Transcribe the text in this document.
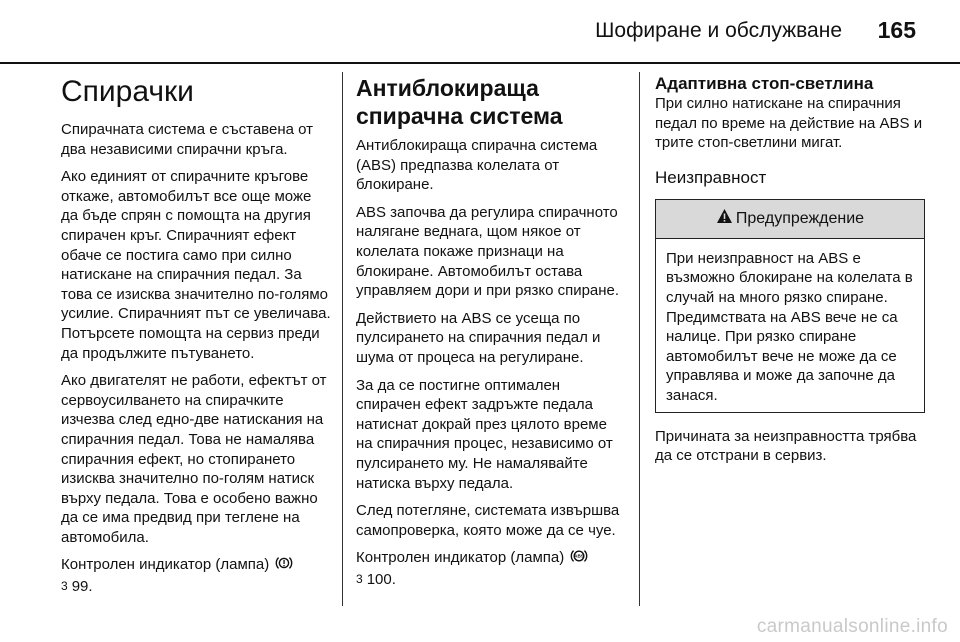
Шофиране и обслужване 165
Спирачки

Спирачната система е съставена от два независими спирачни кръга.

Ако единият от спирачните кръгове откаже, автомобилът все още може да бъде спрян с помощта на другия спирачен кръг. Спирачният ефект обаче се постига само при силно натискане на спирачния педал. За това се изисква значително по-голямо усилие. Спирачният път се увеличава. Потърсете помощта на сервиз преди да продължите пътуването.

Ако двигателят не работи, ефектът от сервоусилването на спирачките изчезва след едно-две натискания на спирачния педал. Това не намалява спирачния ефект, но стопирането изисква значително по-голям натиск върху педала. Това е особено важно да се има предвид при теглене на автомобила.

Контролен индикатор (лампа)
3 99.

Антиблокираща спирачна система

Антиблокираща спирачна система (ABS) предпазва колелата от блокиране.

ABS започва да регулира спирачното налягане веднага, щом някое от колелата покаже признаци на блокиране. Автомобилът остава управляем дори и при рязко спиране.

Действието на ABS се усеща по пулсирането на спирачния педал и шума от процеса на регулиране.

За да се постигне оптимален спирачен ефект задръжте педала натиснат докрай през цялото време на спирачния процес, независимо от пулсирането му. Не намалявайте натиска върху педала.

След потегляне, системата извършва самопроверка, която може да се чуе.

Контролен индикатор (лампа) ABS

3 100.

Адаптивна стоп-светлина

При силно натискане на спирачния педал по време на действие на ABS и трите стоп-светлини мигат.

Неизправност
Предупреждение

При неизправност на ABS е възможно блокиране на колелата в случай на много рязко спиране. Предимствата на ABS вече не са налице. При рязко спиране автомобилът вече не може да се управлява и може да започне да занася.

Причината за неизправността трябва да се отстрани в сервиз.

carmanualsonline.info
